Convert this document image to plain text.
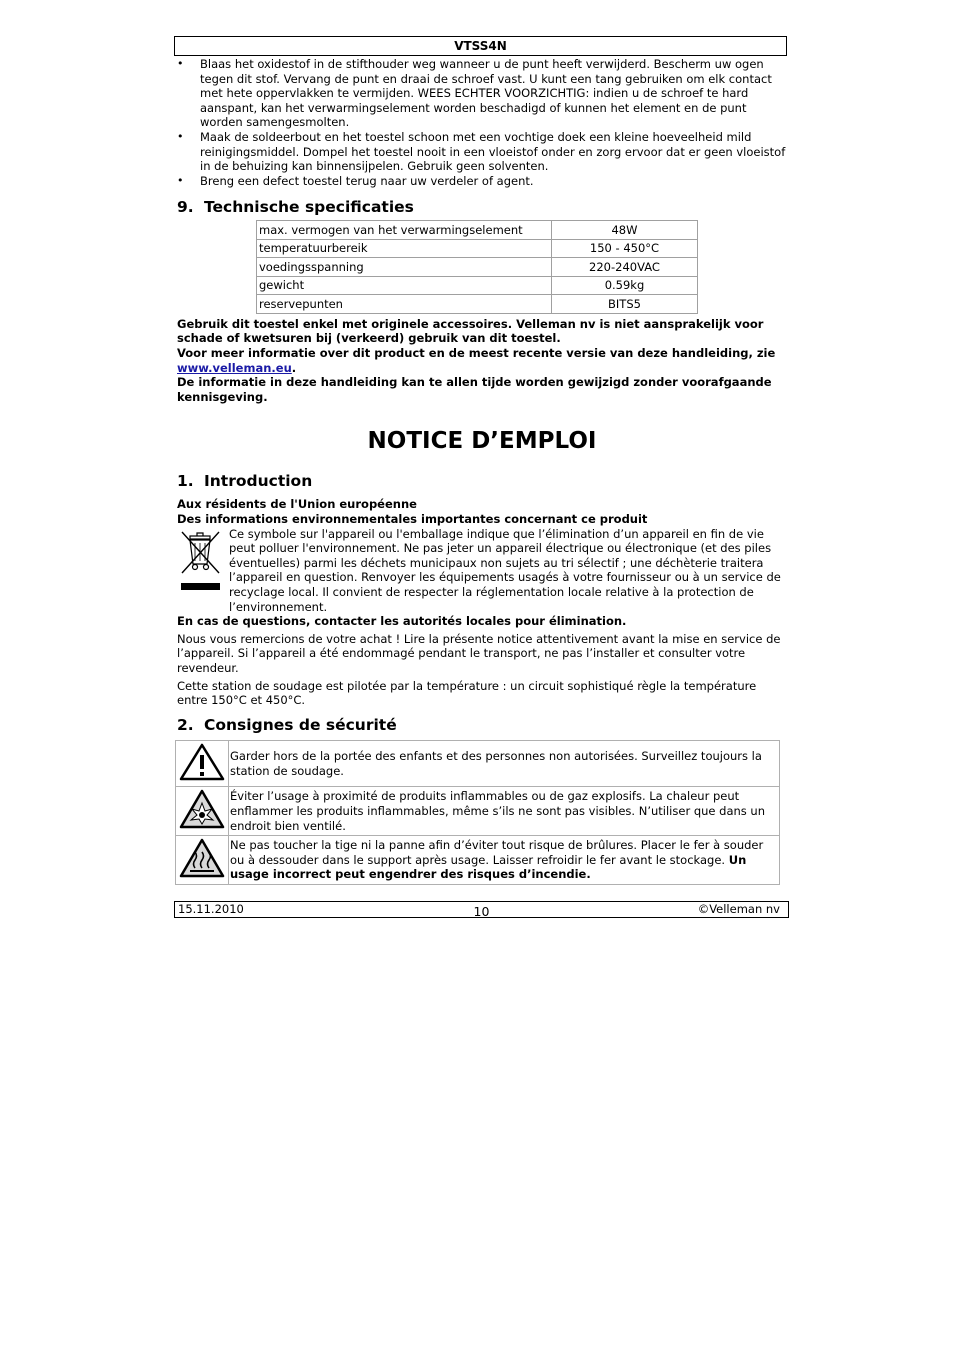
VTSS4N
• Blaas het oxidestof in de stifthouder weg wanneer u de punt heeft verwijderd. Bescherm uw ogen tegen dit stof. Vervang de punt en draai de schroef vast. U kunt een tang gebruiken om elk contact met hete oppervlakken te vermijden. WEES ECHTER VOORZICHTIG: indien u de schroef te hard aanspant, kan het verwarmingselement worden beschadigd of kunnen het element en de punt worden samengesmolten.
• Maak de soldeerbout en het toestel schoon met een vochtige doek een kleine hoeveelheid mild reinigingsmiddel. Dompel het toestel nooit in een vloeistof onder en zorg ervoor dat er geen vloeistof in de behuizing kan binnensijpelen. Gebruik geen solventen.
• Breng een defect toestel terug naar uw verdeler of agent.
9. Technische specificaties
max. vermogen van het verwarmingselement	48W
temperatuurbereik	150 - 450°C
voedingsspanning	220-240VAC
gewicht	0.59kg
reservepunten	BITS5
Gebruik dit toestel enkel met originele accessoires. Velleman nv is niet aansprakelijk voor schade of kwetsuren bij (verkeerd) gebruik van dit toestel.
Voor meer informatie over dit product en de meest recente versie van deze handleiding, zie www.velleman.eu.
De informatie in deze handleiding kan te allen tijde worden gewijzigd zonder voorafgaande kennisgeving.
NOTICE D’EMPLOI
1. Introduction
Aux résidents de l'Union européenne
Des informations environnementales importantes concernant ce produit
Ce symbole sur l'appareil ou l'emballage indique que l’élimination d’un appareil en fin de vie peut polluer l'environnement. Ne pas jeter un appareil électrique ou électronique (et des piles éventuelles) parmi les déchets municipaux non sujets au tri sélectif ; une déchèterie traitera l’appareil en question. Renvoyer les équipements usagés à votre fournisseur ou à un service de recyclage local. Il convient de respecter la réglementation locale relative à la protection de l’environnement.
En cas de questions, contacter les autorités locales pour élimination.
Nous vous remercions de votre achat ! Lire la présente notice attentivement avant la mise en service de l’appareil. Si l’appareil a été endommagé pendant le transport, ne pas l’installer et consulter votre revendeur.
Cette station de soudage est pilotée par la température : un circuit sophistiqué règle la température entre 150°C et 450°C.
2. Consignes de sécurité
	Garder hors de la portée des enfants et des personnes non autorisées. Surveillez toujours la station de soudage.
	Éviter l’usage à proximité de produits inflammables ou de gaz explosifs. La chaleur peut enflammer les produits inflammables, même s’ils ne sont pas visibles. N’utiliser que dans un endroit bien ventilé.
	Ne pas toucher la tige ni la panne afin d’éviter tout risque de brûlures. Placer le fer à souder ou à dessouder dans le support après usage. Laisser refroidir le fer avant le stockage. Un usage incorrect peut engendrer des risques d’incendie.
15.11.2010	10	©Velleman nv
